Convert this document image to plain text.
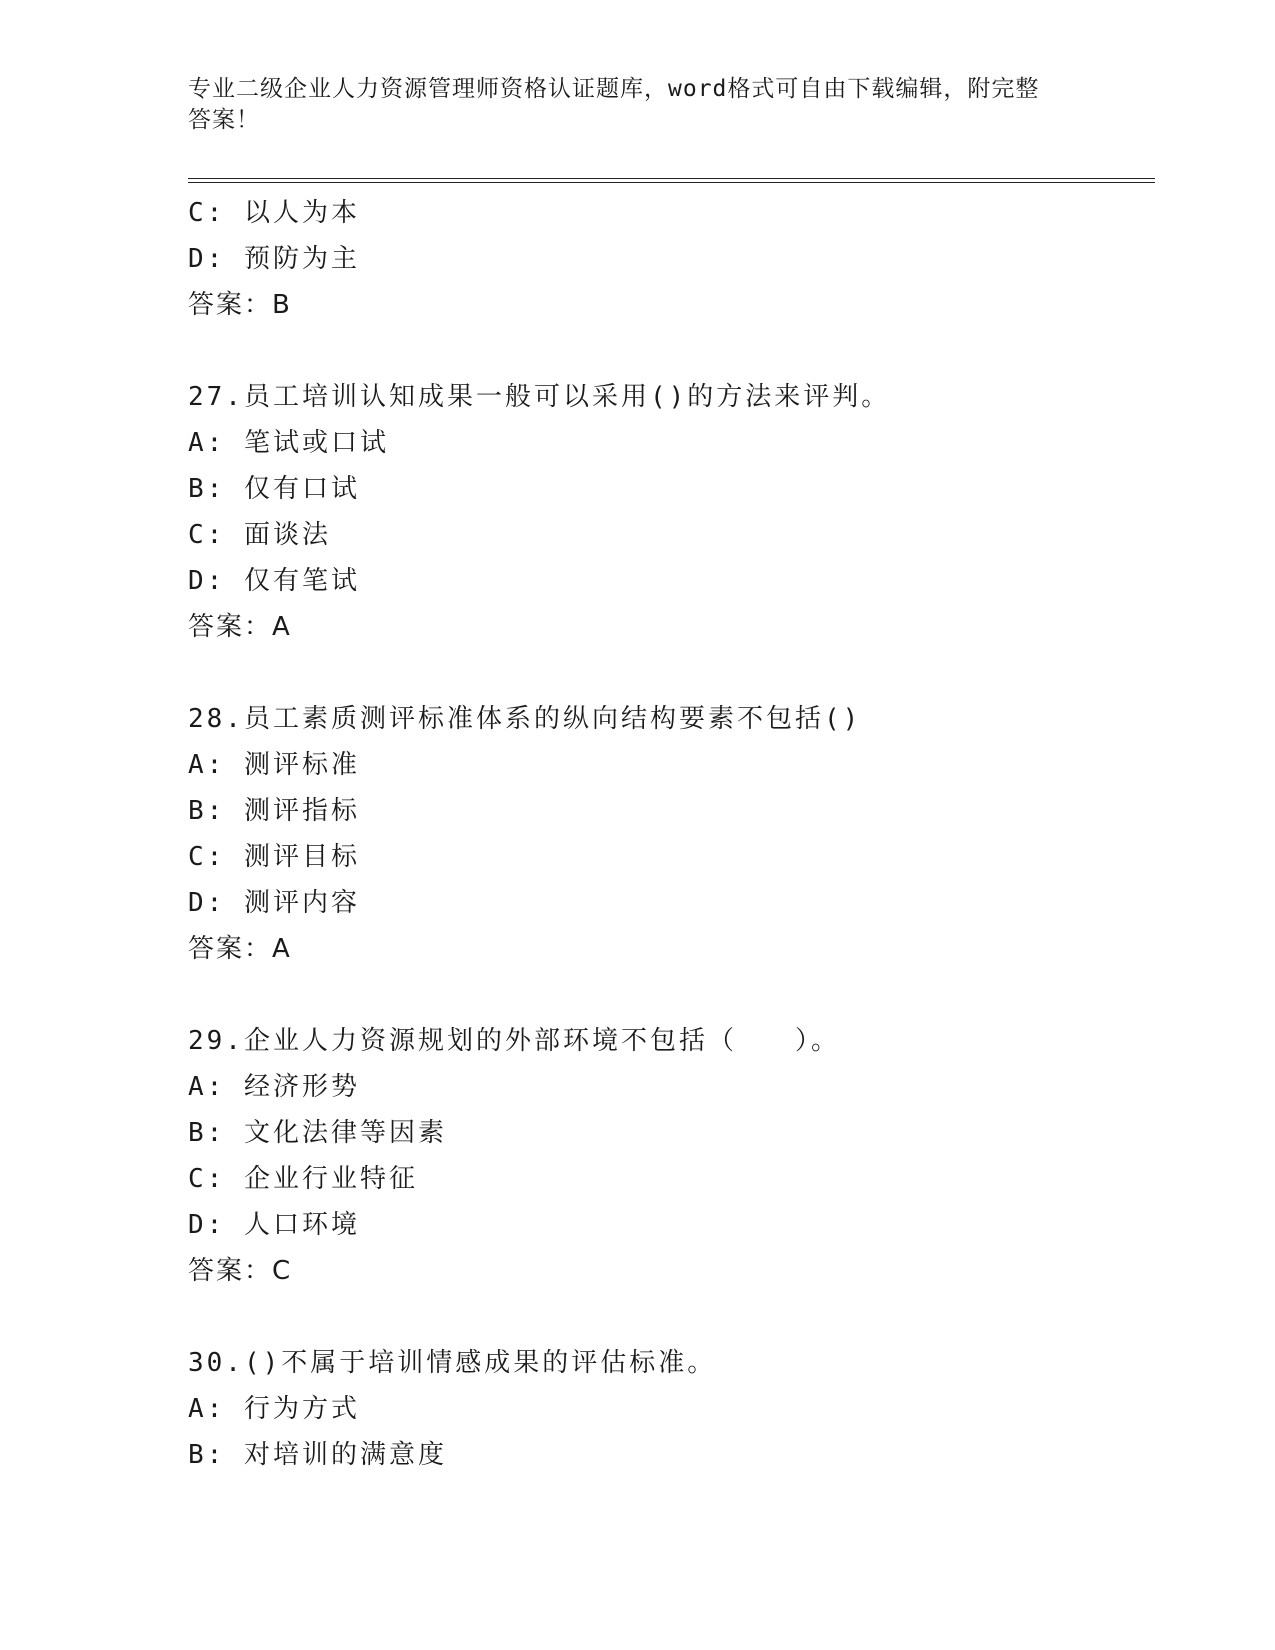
专业二级企业人力资源管理师资格认证题库，word格式可自由下载编辑，附完整
答案！
C: 以人为本
D: 预防为主
答案：B
27.员工培训认知成果一般可以采用()的方法来评判。
A: 笔试或口试
B: 仅有口试
C: 面谈法
D: 仅有笔试
答案：A
28.员工素质测评标准体系的纵向结构要素不包括()
A: 测评标准
B: 测评指标
C: 测评目标
D: 测评内容
答案：A
29.企业人力资源规划的外部环境不包括（　　）。
A: 经济形势
B: 文化法律等因素
C: 企业行业特征
D: 人口环境
答案：C
30.()不属于培训情感成果的评估标准。
A: 行为方式
B: 对培训的满意度
